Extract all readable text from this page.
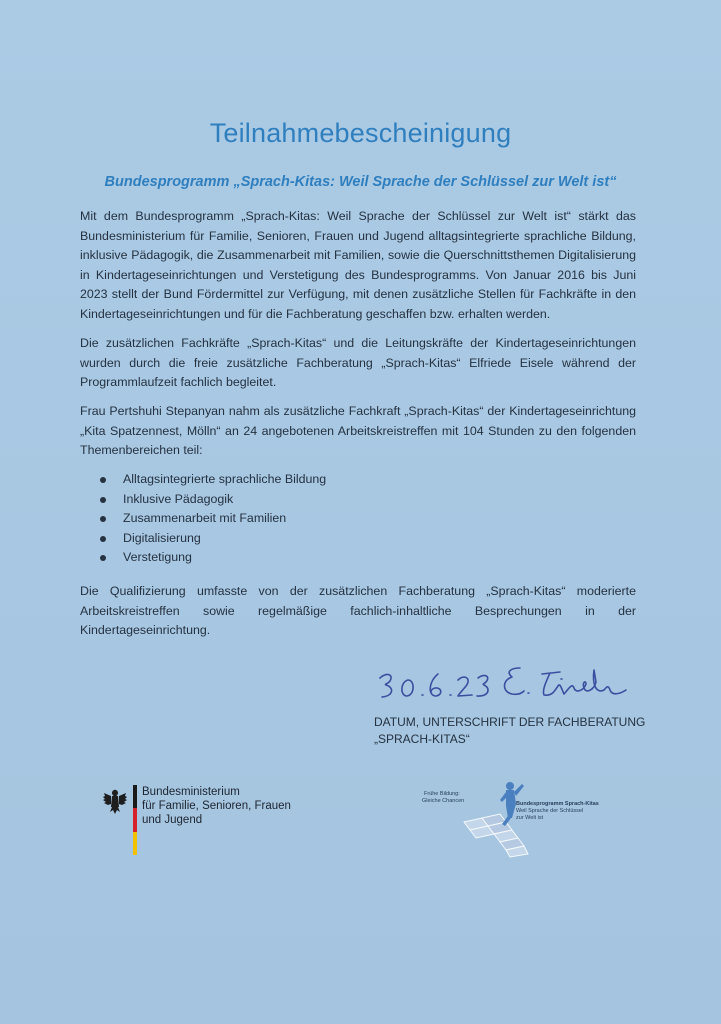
Teilnahmebescheinigung
Bundesprogramm „Sprach-Kitas: Weil Sprache der Schlüssel zur Welt ist“

Mit dem Bundesprogramm „Sprach-Kitas: Weil Sprache der Schlüssel zur Welt ist“ stärkt das Bundesministerium für Familie, Senioren, Frauen und Jugend alltagsintegrierte sprachliche Bildung, inklusive Pädagogik, die Zusammenarbeit mit Familien, sowie die Querschnittsthemen Digitalisierung in Kindertageseinrichtungen und Verstetigung des Bundesprogramms. Von Januar 2016 bis Juni 2023 stellt der Bund Fördermittel zur Verfügung, mit denen zusätzliche Stellen für Fachkräfte in den Kindertageseinrichtungen und für die Fachberatung geschaffen bzw. erhalten werden.

Die zusätzlichen Fachkräfte „Sprach-Kitas“ und die Leitungskräfte der Kindertageseinrichtungen wurden durch die freie zusätzliche Fachberatung „Sprach-Kitas“ Elfriede Eisele während der Programmlaufzeit fachlich begleitet.

Frau Pertshuhi Stepanyan nahm als zusätzliche Fachkraft „Sprach-Kitas“ der Kindertageseinrichtung „Kita Spatzennest, Mölln“ an 24 angebotenen Arbeitskreistreffen mit 104 Stunden zu den folgenden Themenbereichen teil:

Alltagsintegrierte sprachliche Bildung
Inklusive Pädagogik
Zusammenarbeit mit Familien
Digitalisierung
Verstetigung

Die Qualifizierung umfasste von der zusätzlichen Fachberatung „Sprach-Kitas“ moderierte Arbeitskreistreffen sowie regelmäßige fachlich-inhaltliche Besprechungen in der Kindertageseinrichtung.

DATUM, UNTERSCHRIFT DER FACHBERATUNG
„SPRACH-KITAS“
Bundesministerium
für Familie, Senioren, Frauen
und Jugend
Frühe Bildung:
Gleiche Chancen	Bundesprogramm Sprach-Kitas
Weil Sprache der Schlüssel
zur Welt ist
